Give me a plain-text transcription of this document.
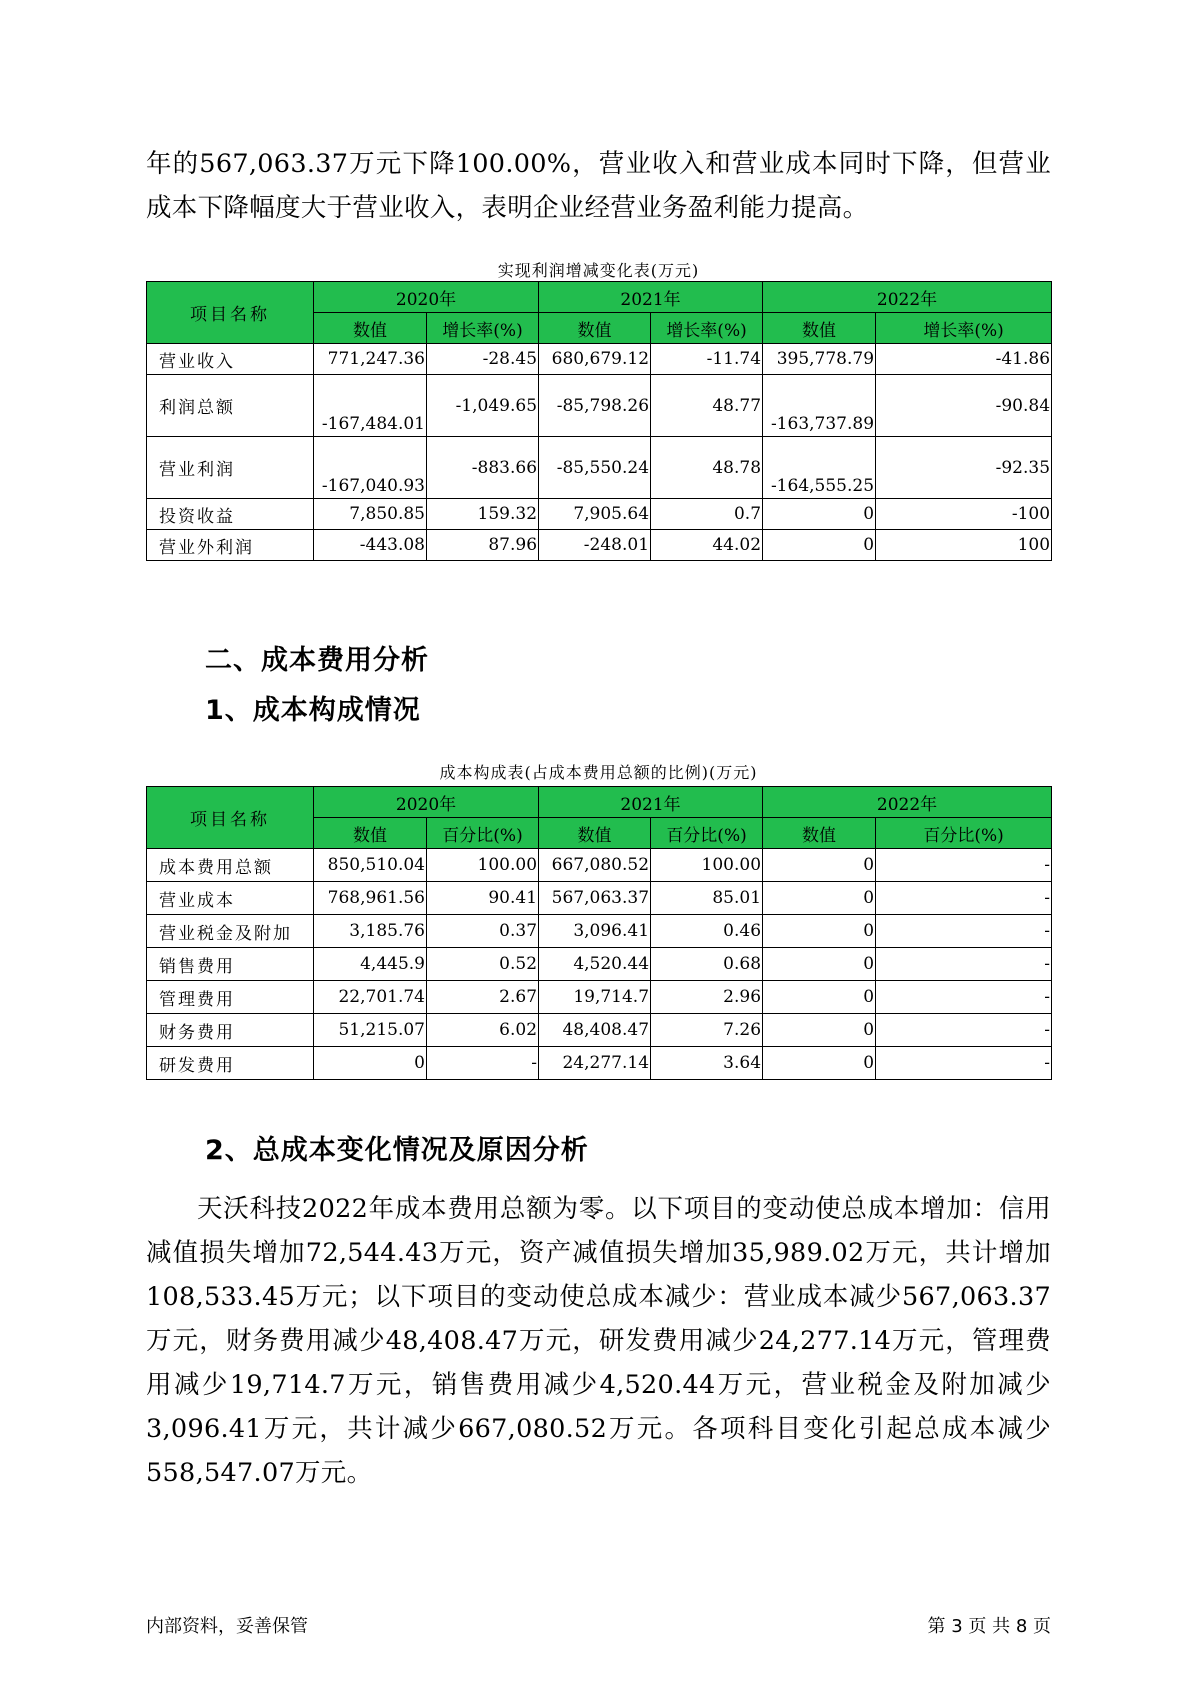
年的567,063.37万元下降100.00%，营业收入和营业成本同时下降，但营业成本下降幅度大于营业收入，表明企业经营业务盈利能力提高。

实现利润增减变化表(万元)
项目名称	2020年		2021年		2022年	
	数值	增长率(%)	数值	增长率(%)	数值	增长率(%)
营业收入	771,247.36	-28.45	680,679.12	-11.74	395,778.79	-41.86
利润总额	-167,484.01	-1,049.65	-85,798.26	48.77	-163,737.89	-90.84
营业利润	-167,040.93	-883.66	-85,550.24	48.78	-164,555.25	-92.35
投资收益	7,850.85	159.32	7,905.64	0.7	0	-100
营业外利润	-443.08	87.96	-248.01	44.02	0	100
二、成本费用分析
1、成本构成情况
成本构成表(占成本费用总额的比例)(万元)
项目名称	2020年		2021年		2022年	
	数值	百分比(%)	数值	百分比(%)	数值	百分比(%)
成本费用总额	850,510.04	100.00	667,080.52	100.00	0	-
营业成本	768,961.56	90.41	567,063.37	85.01	0	-
营业税金及附加	3,185.76	0.37	3,096.41	0.46	0	-
销售费用	4,445.9	0.52	4,520.44	0.68	0	-
管理费用	22,701.74	2.67	19,714.7	2.96	0	-
财务费用	51,215.07	6.02	48,408.47	7.26	0	-
研发费用	0	-	24,277.14	3.64	0	-
2、总成本变化情况及原因分析

天沃科技2022年成本费用总额为零。以下项目的变动使总成本增加：信用减值损失增加72,544.43万元，资产减值损失增加35,989.02万元，共计增加108,533.45万元；以下项目的变动使总成本减少：营业成本减少567,063.37万元，财务费用减少48,408.47万元，研发费用减少24,277.14万元，管理费用减少19,714.7万元，销售费用减少4,520.44万元，营业税金及附加减少3,096.41万元，共计减少667,080.52万元。各项科目变化引起总成本减少558,547.07万元。

内部资料，妥善保管	第 3 页 共 8 页
